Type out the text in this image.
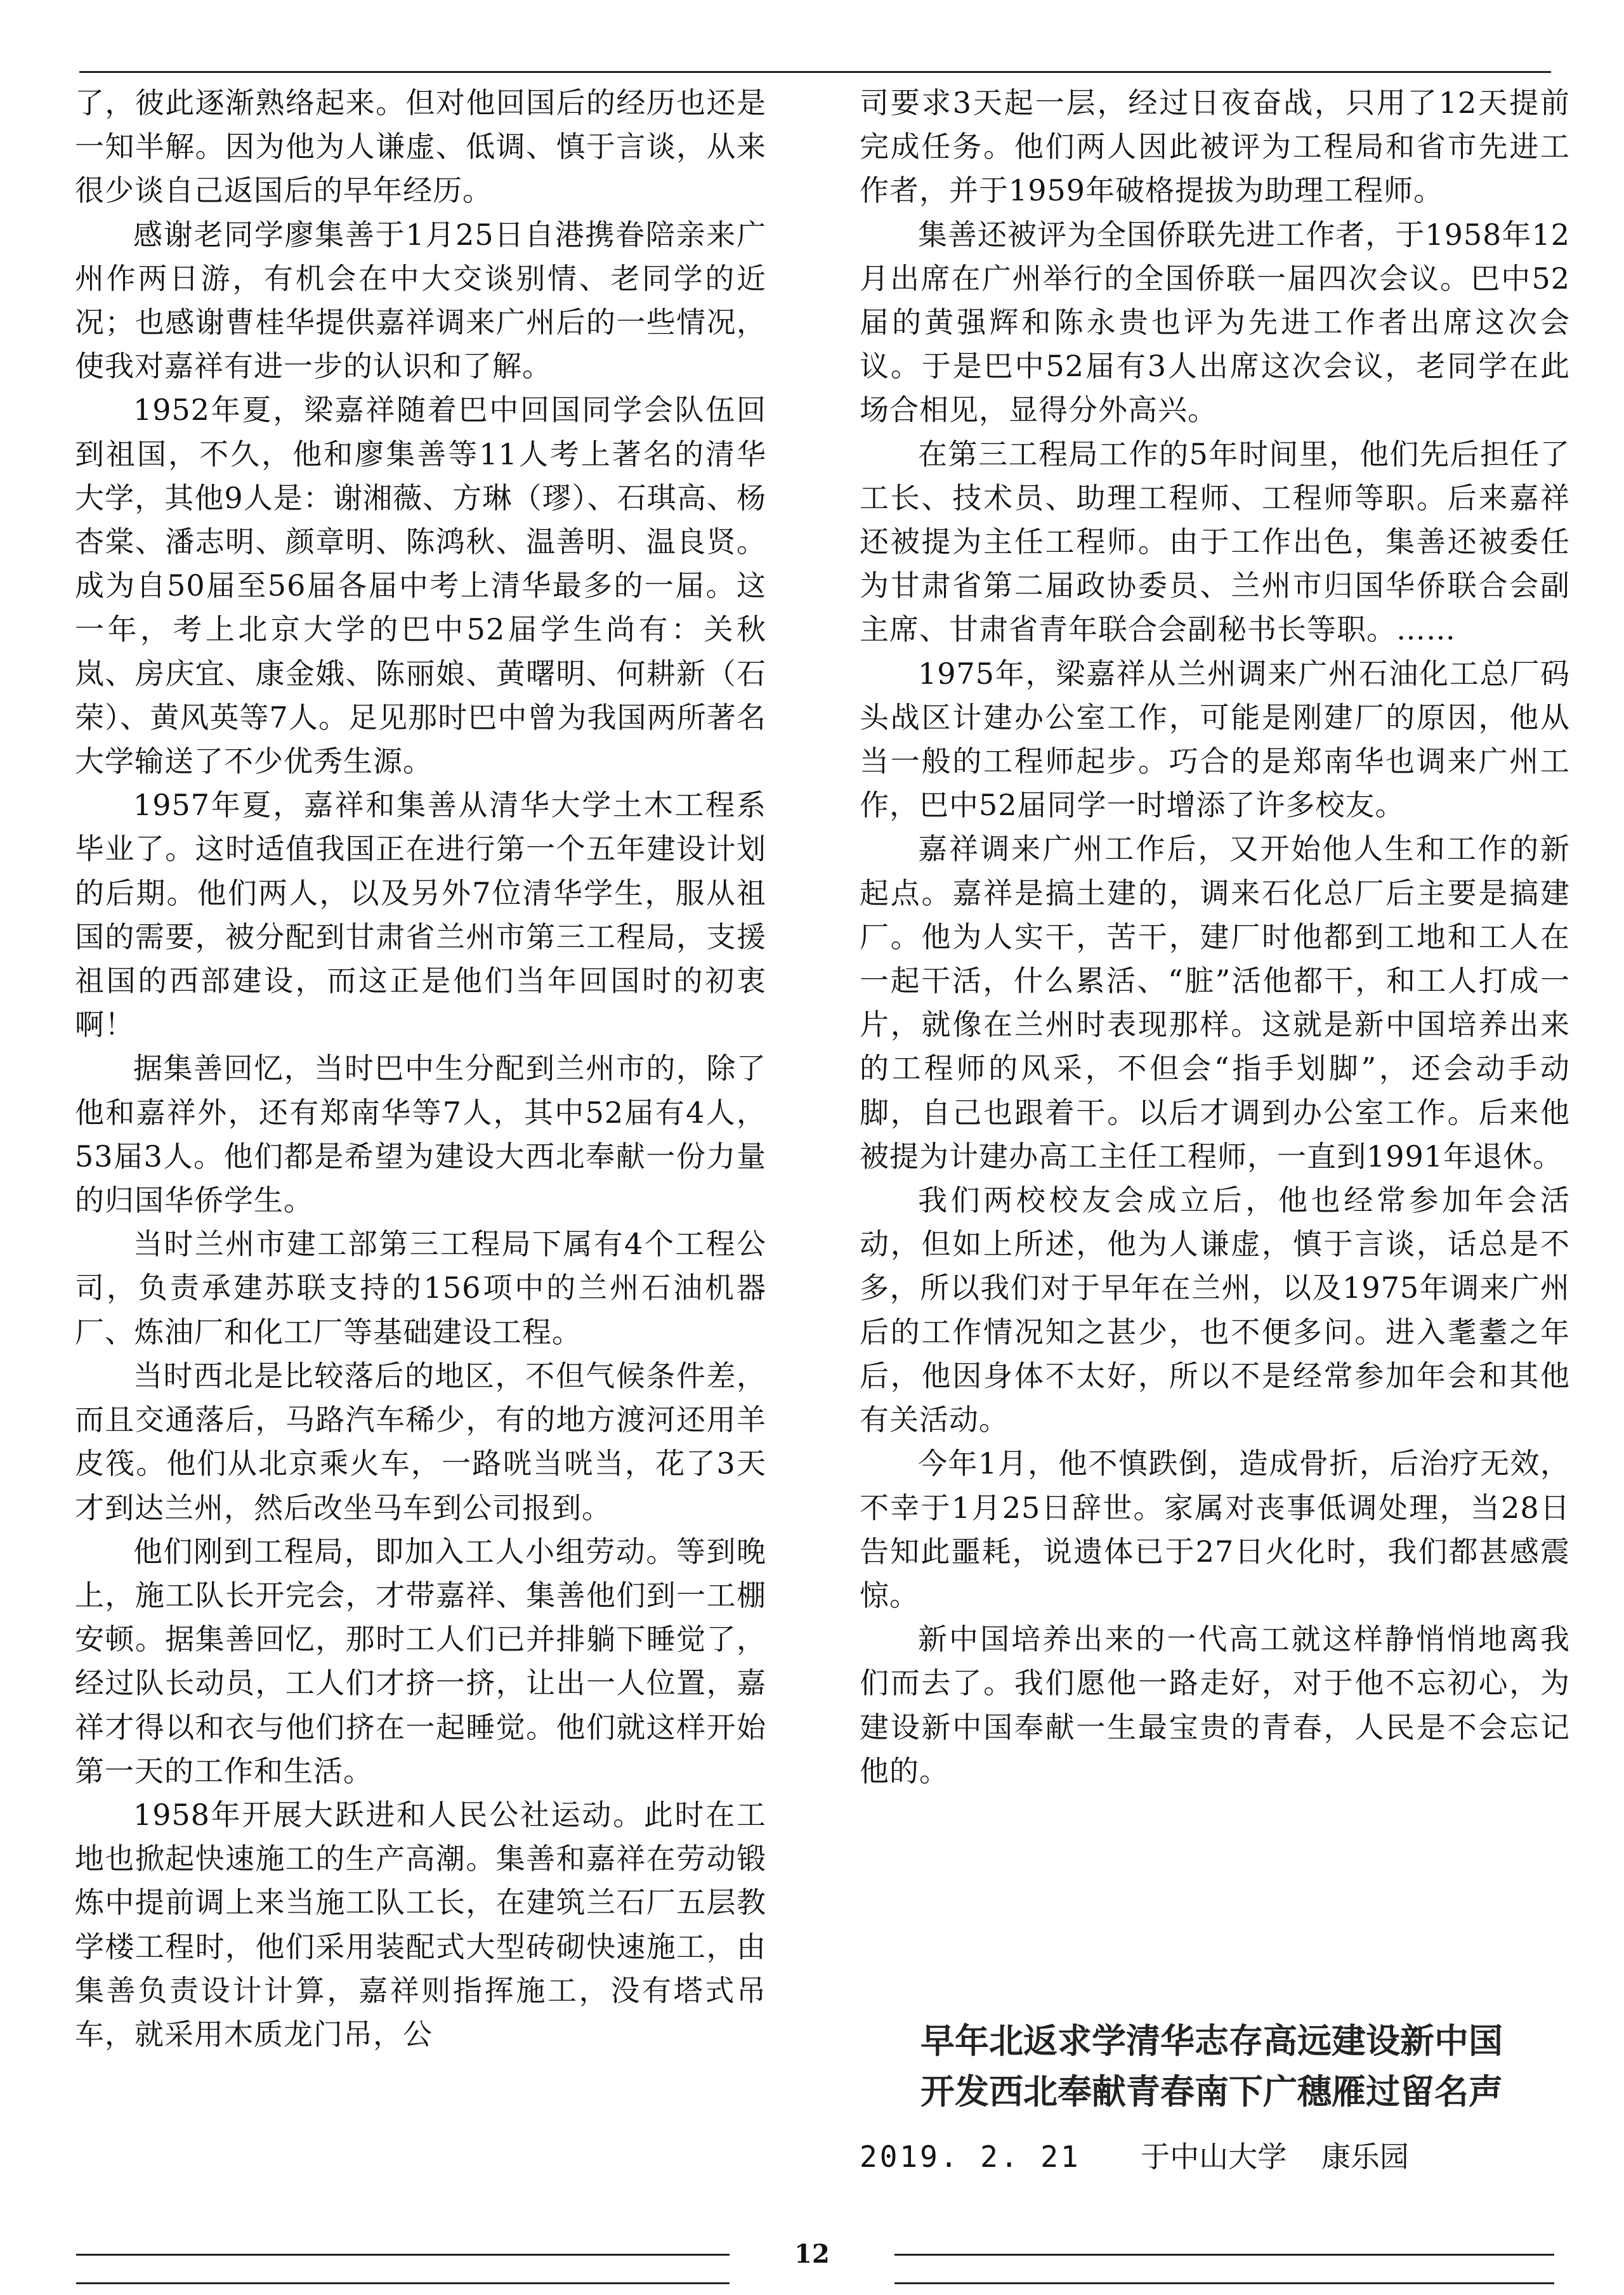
了，彼此逐渐熟络起来。但对他回国后的经历也还是一知半解。因为他为人谦虚、低调、慎于言谈，从来很少谈自己返国后的早年经历。

感谢老同学廖集善于1月25日自港携眷陪亲来广州作两日游，有机会在中大交谈别情、老同学的近况；也感谢曹桂华提供嘉祥调来广州后的一些情况，使我对嘉祥有进一步的认识和了解。

1952年夏，梁嘉祥随着巴中回国同学会队伍回到祖国，不久，他和廖集善等11人考上著名的清华大学，其他9人是：谢湘薇、方琳（璆）、石琪高、杨杏棠、潘志明、颜章明、陈鸿秋、温善明、温良贤。成为自50届至56届各届中考上清华最多的一届。这一年，考上北京大学的巴中52届学生尚有：关秋岚、房庆宜、康金娥、陈丽娘、黄曙明、何耕新（石荣）、黄风英等7人。足见那时巴中曾为我国两所著名大学输送了不少优秀生源。

1957年夏，嘉祥和集善从清华大学土木工程系毕业了。这时适值我国正在进行第一个五年建设计划的后期。他们两人，以及另外7位清华学生，服从祖国的需要，被分配到甘肃省兰州市第三工程局，支援祖国的西部建设，而这正是他们当年回国时的初衷啊！

据集善回忆，当时巴中生分配到兰州市的，除了他和嘉祥外，还有郑南华等7人，其中52届有4人，53届3人。他们都是希望为建设大西北奉献一份力量的归国华侨学生。

当时兰州市建工部第三工程局下属有4个工程公司，负责承建苏联支持的156项中的兰州石油机器厂、炼油厂和化工厂等基础建设工程。

当时西北是比较落后的地区，不但气候条件差，而且交通落后，马路汽车稀少，有的地方渡河还用羊皮筏。他们从北京乘火车，一路咣当咣当，花了3天才到达兰州，然后改坐马车到公司报到。

他们刚到工程局，即加入工人小组劳动。等到晚上，施工队长开完会，才带嘉祥、集善他们到一工棚安顿。据集善回忆，那时工人们已并排躺下睡觉了，经过队长动员，工人们才挤一挤，让出一人位置，嘉祥才得以和衣与他们挤在一起睡觉。他们就这样开始第一天的工作和生活。

1958年开展大跃进和人民公社运动。此时在工地也掀起快速施工的生产高潮。集善和嘉祥在劳动锻炼中提前调上来当施工队工长，在建筑兰石厂五层教学楼工程时，他们采用装配式大型砖砌快速施工，由集善负责设计计算，嘉祥则指挥施工，没有塔式吊车，就采用木质龙门吊，公

司要求3天起一层，经过日夜奋战，只用了12天提前完成任务。他们两人因此被评为工程局和省市先进工作者，并于1959年破格提拔为助理工程师。

集善还被评为全国侨联先进工作者，于1958年12月出席在广州举行的全国侨联一届四次会议。巴中52届的黄强辉和陈永贵也评为先进工作者出席这次会议。于是巴中52届有3人出席这次会议，老同学在此场合相见，显得分外高兴。

在第三工程局工作的5年时间里，他们先后担任了工长、技术员、助理工程师、工程师等职。后来嘉祥还被提为主任工程师。由于工作出色，集善还被委任为甘肃省第二届政协委员、兰州市归国华侨联合会副主席、甘肃省青年联合会副秘书长等职。……

1975年，梁嘉祥从兰州调来广州石油化工总厂码头战区计建办公室工作，可能是刚建厂的原因，他从当一般的工程师起步。巧合的是郑南华也调来广州工作，巴中52届同学一时增添了许多校友。

嘉祥调来广州工作后，又开始他人生和工作的新起点。嘉祥是搞土建的，调来石化总厂后主要是搞建厂。他为人实干，苦干，建厂时他都到工地和工人在一起干活，什么累活、“脏”活他都干，和工人打成一片，就像在兰州时表现那样。这就是新中国培养出来的工程师的风采，不但会“指手划脚”，还会动手动脚，自己也跟着干。以后才调到办公室工作。后来他被提为计建办高工主任工程师，一直到1991年退休。

我们两校校友会成立后，他也经常参加年会活动，但如上所述，他为人谦虚，慎于言谈，话总是不多，所以我们对于早年在兰州，以及1975年调来广州后的工作情况知之甚少，也不便多问。进入耄耋之年后，他因身体不太好，所以不是经常参加年会和其他有关活动。

今年1月，他不慎跌倒，造成骨折，后治疗无效，不幸于1月25日辞世。家属对丧事低调处理，当28日告知此噩耗，说遗体已于27日火化时，我们都甚感震惊。

新中国培养出来的一代高工就这样静悄悄地离我们而去了。我们愿他一路走好，对于他不忘初心，为建设新中国奉献一生最宝贵的青春，人民是不会忘记他的。

早年北返求学清华志存高远建设新中国
开发西北奉献青春南下广穗雁过留名声
2019. 2. 21 于中山大学 康乐园
12
